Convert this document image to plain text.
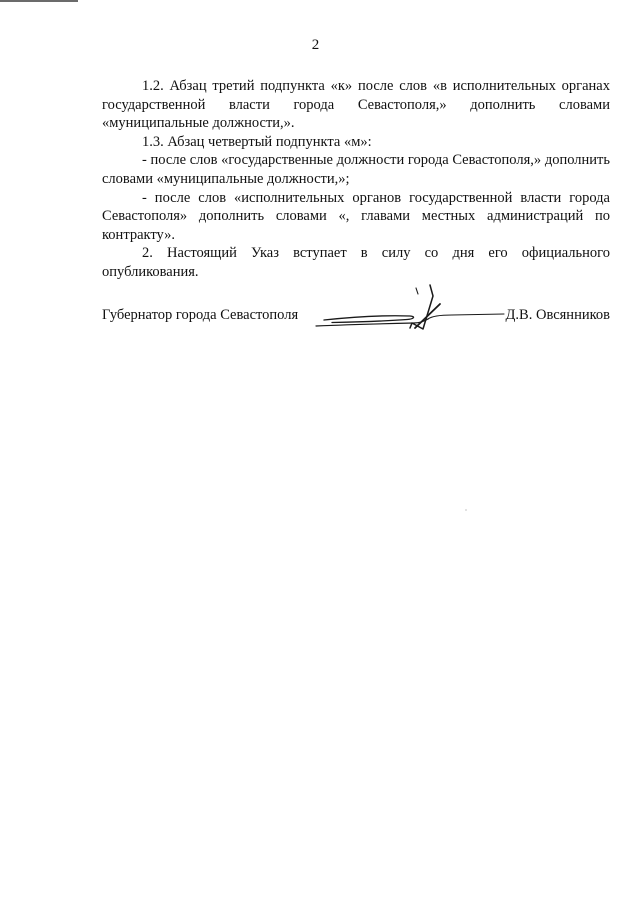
2

1.2. Абзац третий подпункта «к» после слов «в исполнительных органах государственной власти города Севастополя,» дополнить словами «муниципальные должности,».

1.3. Абзац четвертый подпункта «м»:

- после слов «государственные должности города Севастополя,» дополнить словами «муниципальные должности,»;

- после слов «исполнительных органов государственной власти города Севастополя» дополнить словами «, главами местных администраций по контракту».

2. Настоящий Указ вступает в силу со дня его официального опубликования.

Губернатор города Севастополя	Д.В. Овсянников
